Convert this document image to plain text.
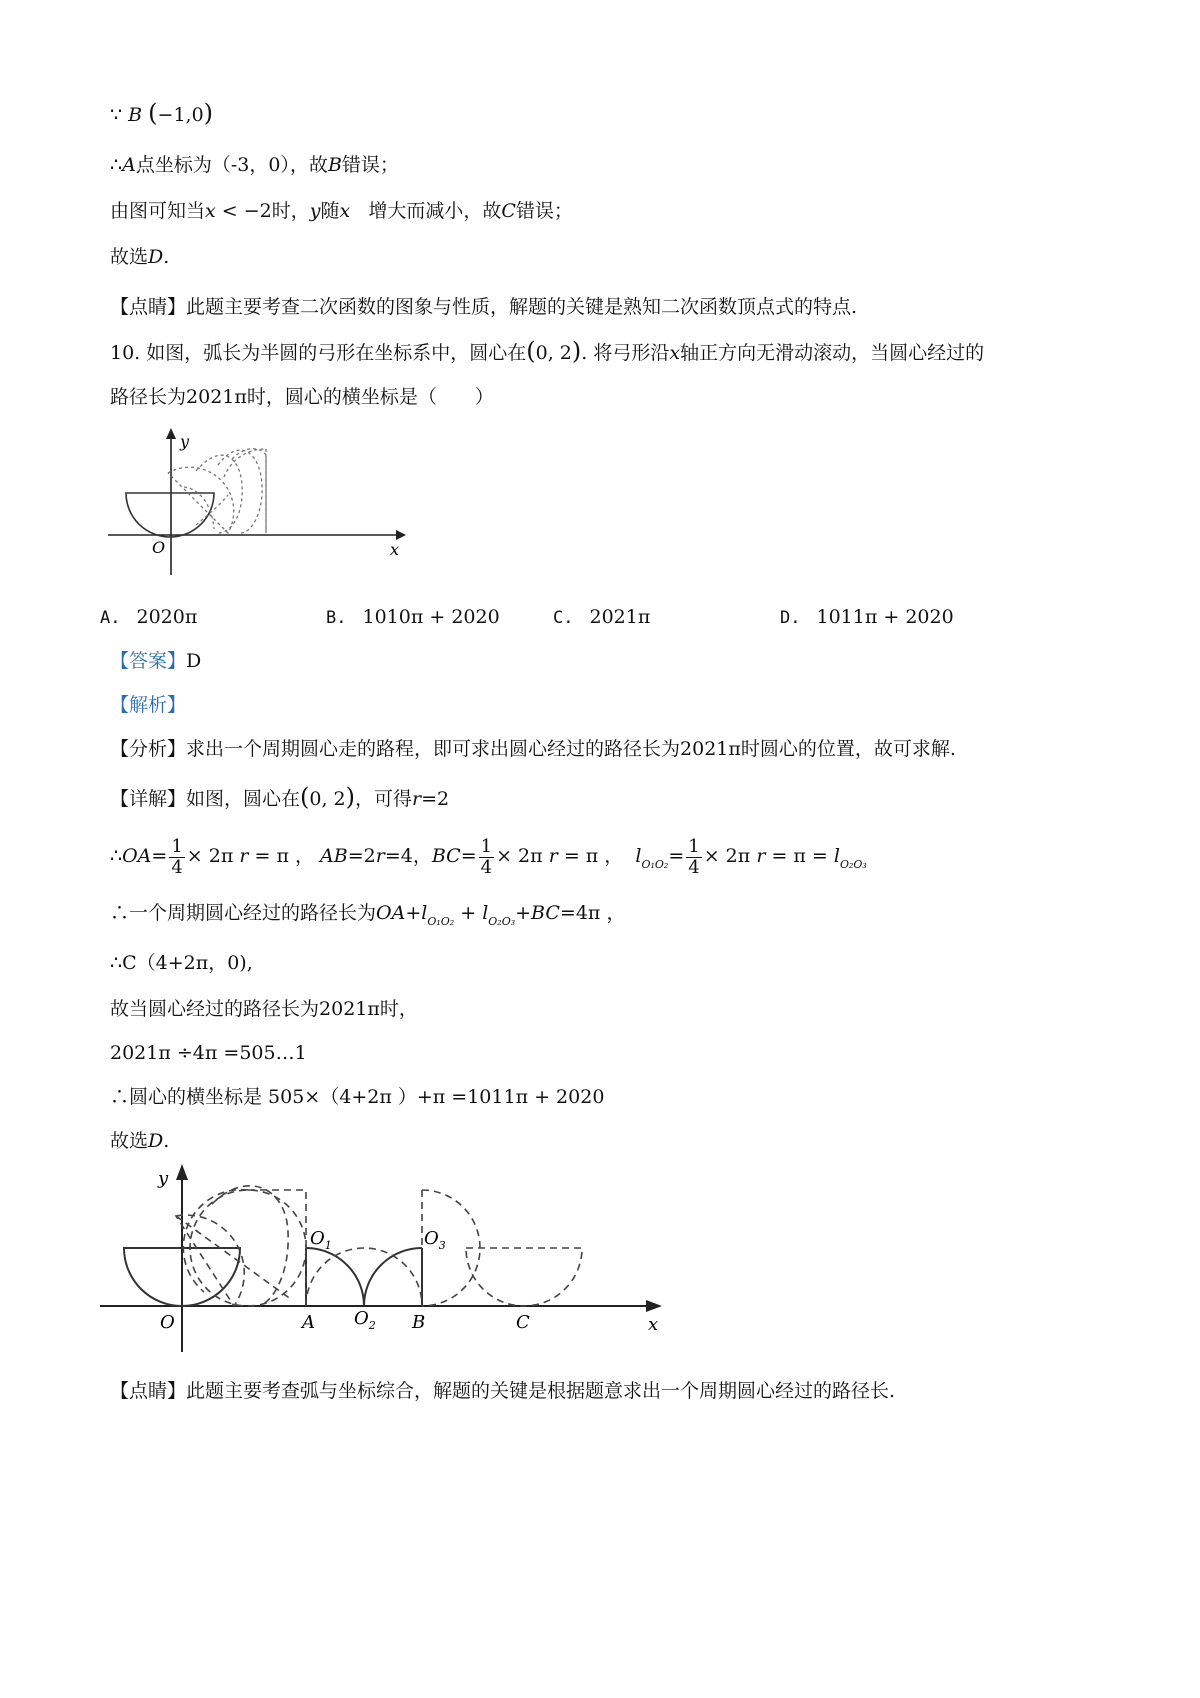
∵ B (−1,0)
∴A点坐标为（-3，0），故B错误；
由图可知当x < −2时，y随x 增大而减小，故C错误；
故选D.
【点睛】此题主要考查二次函数的图象与性质，解题的关键是熟知二次函数顶点式的特点.
10. 如图，弧长为半圆的弓形在坐标系中，圆心在(0, 2). 将弓形沿x轴正方向无滑动滚动，当圆心经过的
路径长为2021π时，圆心的横坐标是（　　）
y
x
O
A. 2020π	B. 1010π + 2020	C. 2021π	D. 1011π + 2020
【答案】D
【解析】
【分析】求出一个周期圆心走的路程，即可求出圆心经过的路径长为2021π时圆心的位置，故可求解.
【详解】如图，圆心在(0, 2)，可得r=2
∴OA= $\frac{1}{4} \times 2\pi$ r = π ， AB=2r=4，$BC= \frac{1}{4} \times 2\pi$ r = π ， $l_{O_1O_2}= \frac{1}{4} \times 2\pi$ $r = \pi = l_{O_2O_3}$
∴一个周期圆心经过的路径长为$OA+l_{O_1O_2} + l_{O_2O_3}+BC=4\pi$ ，
∴C（4+2π，0),
故当圆心经过的路径长为2021π时，
2021π ÷4π =505…1
∴圆心的横坐标是 505×（4+2π ）+π =1011π + 2020
故选D.
y
x
O	A $O_2$ B	C
$O_1$	$O_3$
【点睛】此题主要考查弧与坐标综合，解题的关键是根据题意求出一个周期圆心经过的路径长.
